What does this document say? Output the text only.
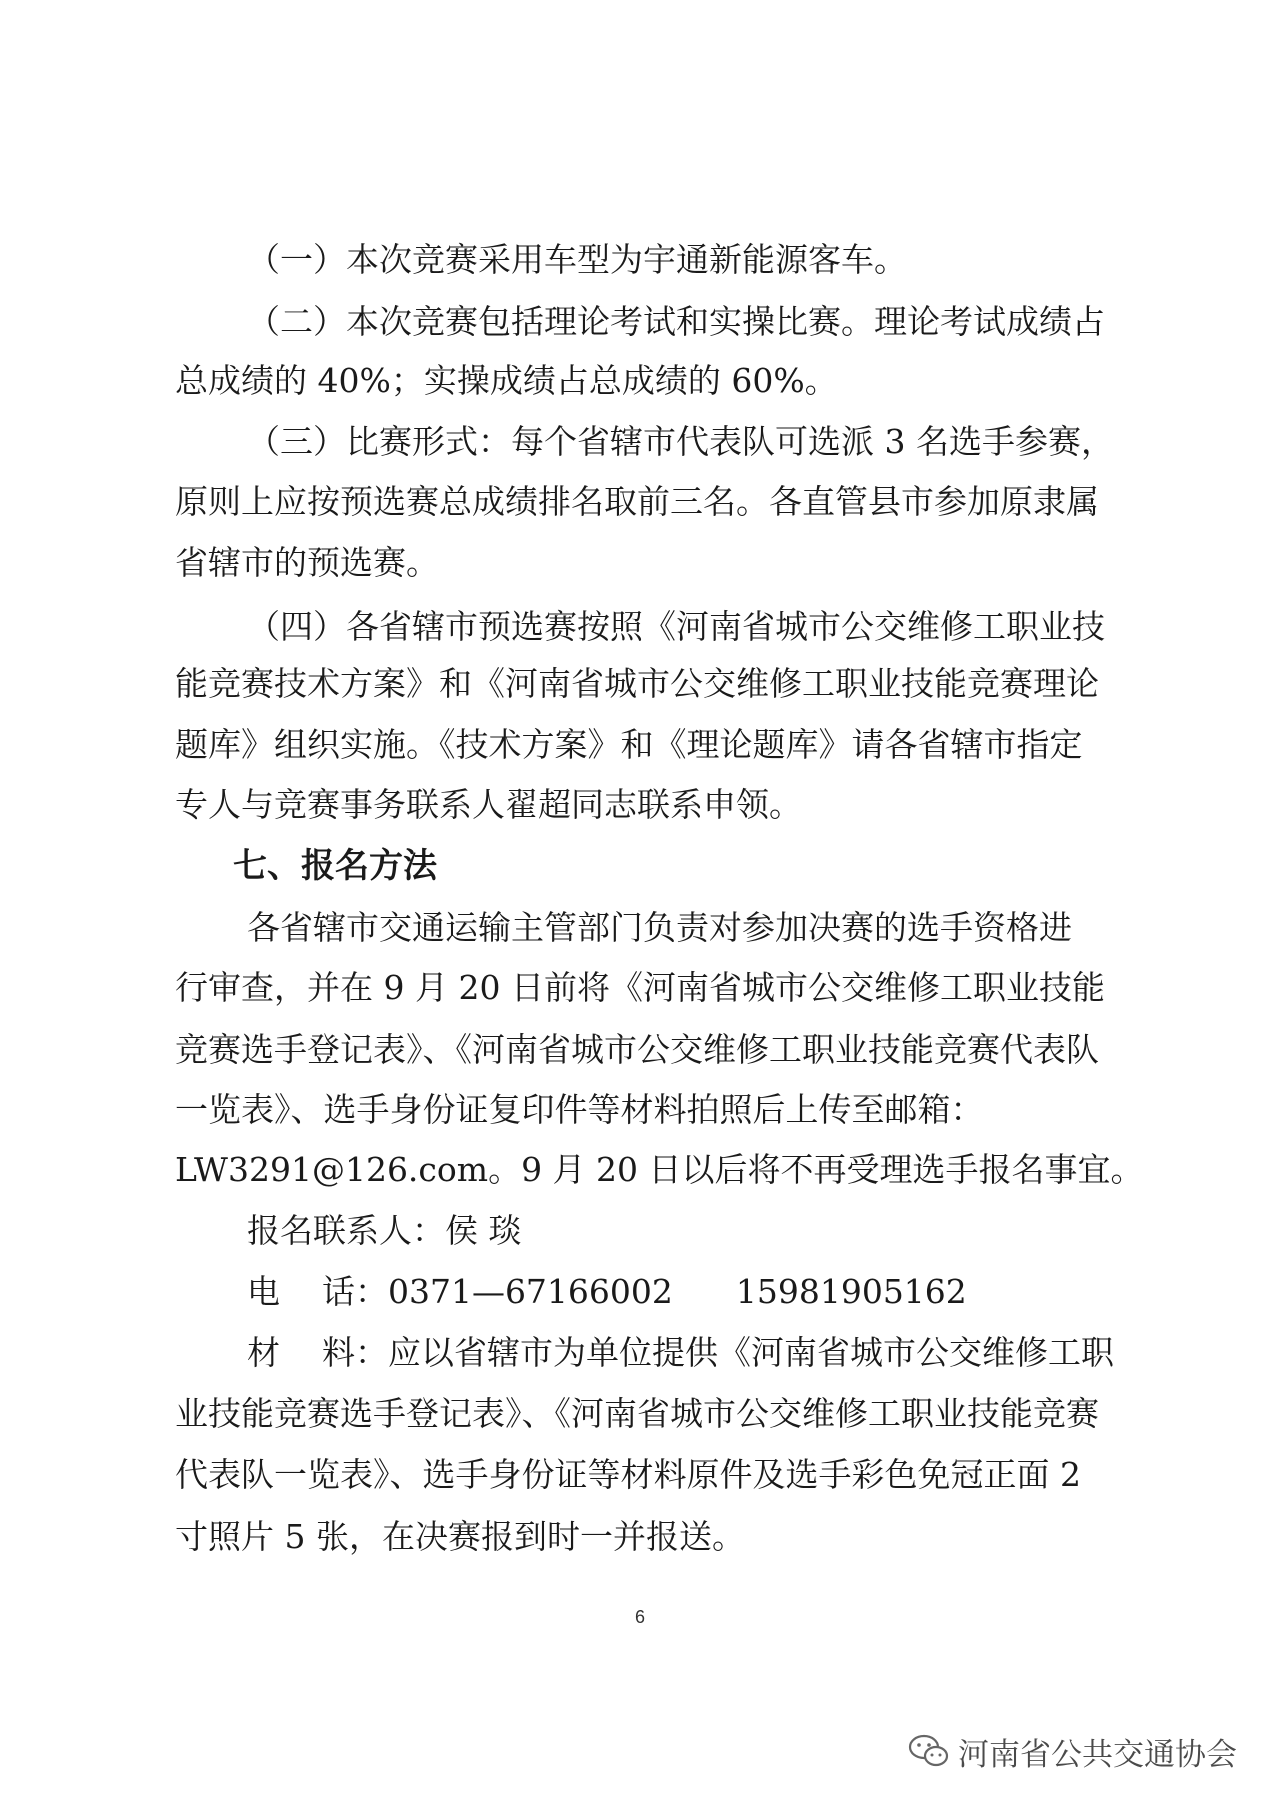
（一）本次竞赛采用车型为宇通新能源客车。
（二）本次竞赛包括理论考试和实操比赛。理论考试成绩占
总成绩的 40%；实操成绩占总成绩的 60%。
（三）比赛形式：每个省辖市代表队可选派 3 名选手参赛，
原则上应按预选赛总成绩排名取前三名。各直管县市参加原隶属
省辖市的预选赛。
（四）各省辖市预选赛按照《河南省城市公交维修工职业技
能竞赛技术方案》和《河南省城市公交维修工职业技能竞赛理论
题库》组织实施。《技术方案》和《理论题库》请各省辖市指定
专人与竞赛事务联系人翟超同志联系申领。
七、报名方法
各省辖市交通运输主管部门负责对参加决赛的选手资格进
行审查，并在 9 月 20 日前将《河南省城市公交维修工职业技能
竞赛选手登记表》、《河南省城市公交维修工职业技能竞赛代表队
一览表》、选手身份证复印件等材料拍照后上传至邮箱：
LW3291@126.com。9 月 20 日以后将不再受理选手报名事宜。
报名联系人：侯 琰
电    话：0371—67166002      15981905162
材    料：应以省辖市为单位提供《河南省城市公交维修工职
业技能竞赛选手登记表》、《河南省城市公交维修工职业技能竞赛
代表队一览表》、选手身份证等材料原件及选手彩色免冠正面 2
寸照片 5 张，在决赛报到时一并报送。
6
河南省公共交通协会
